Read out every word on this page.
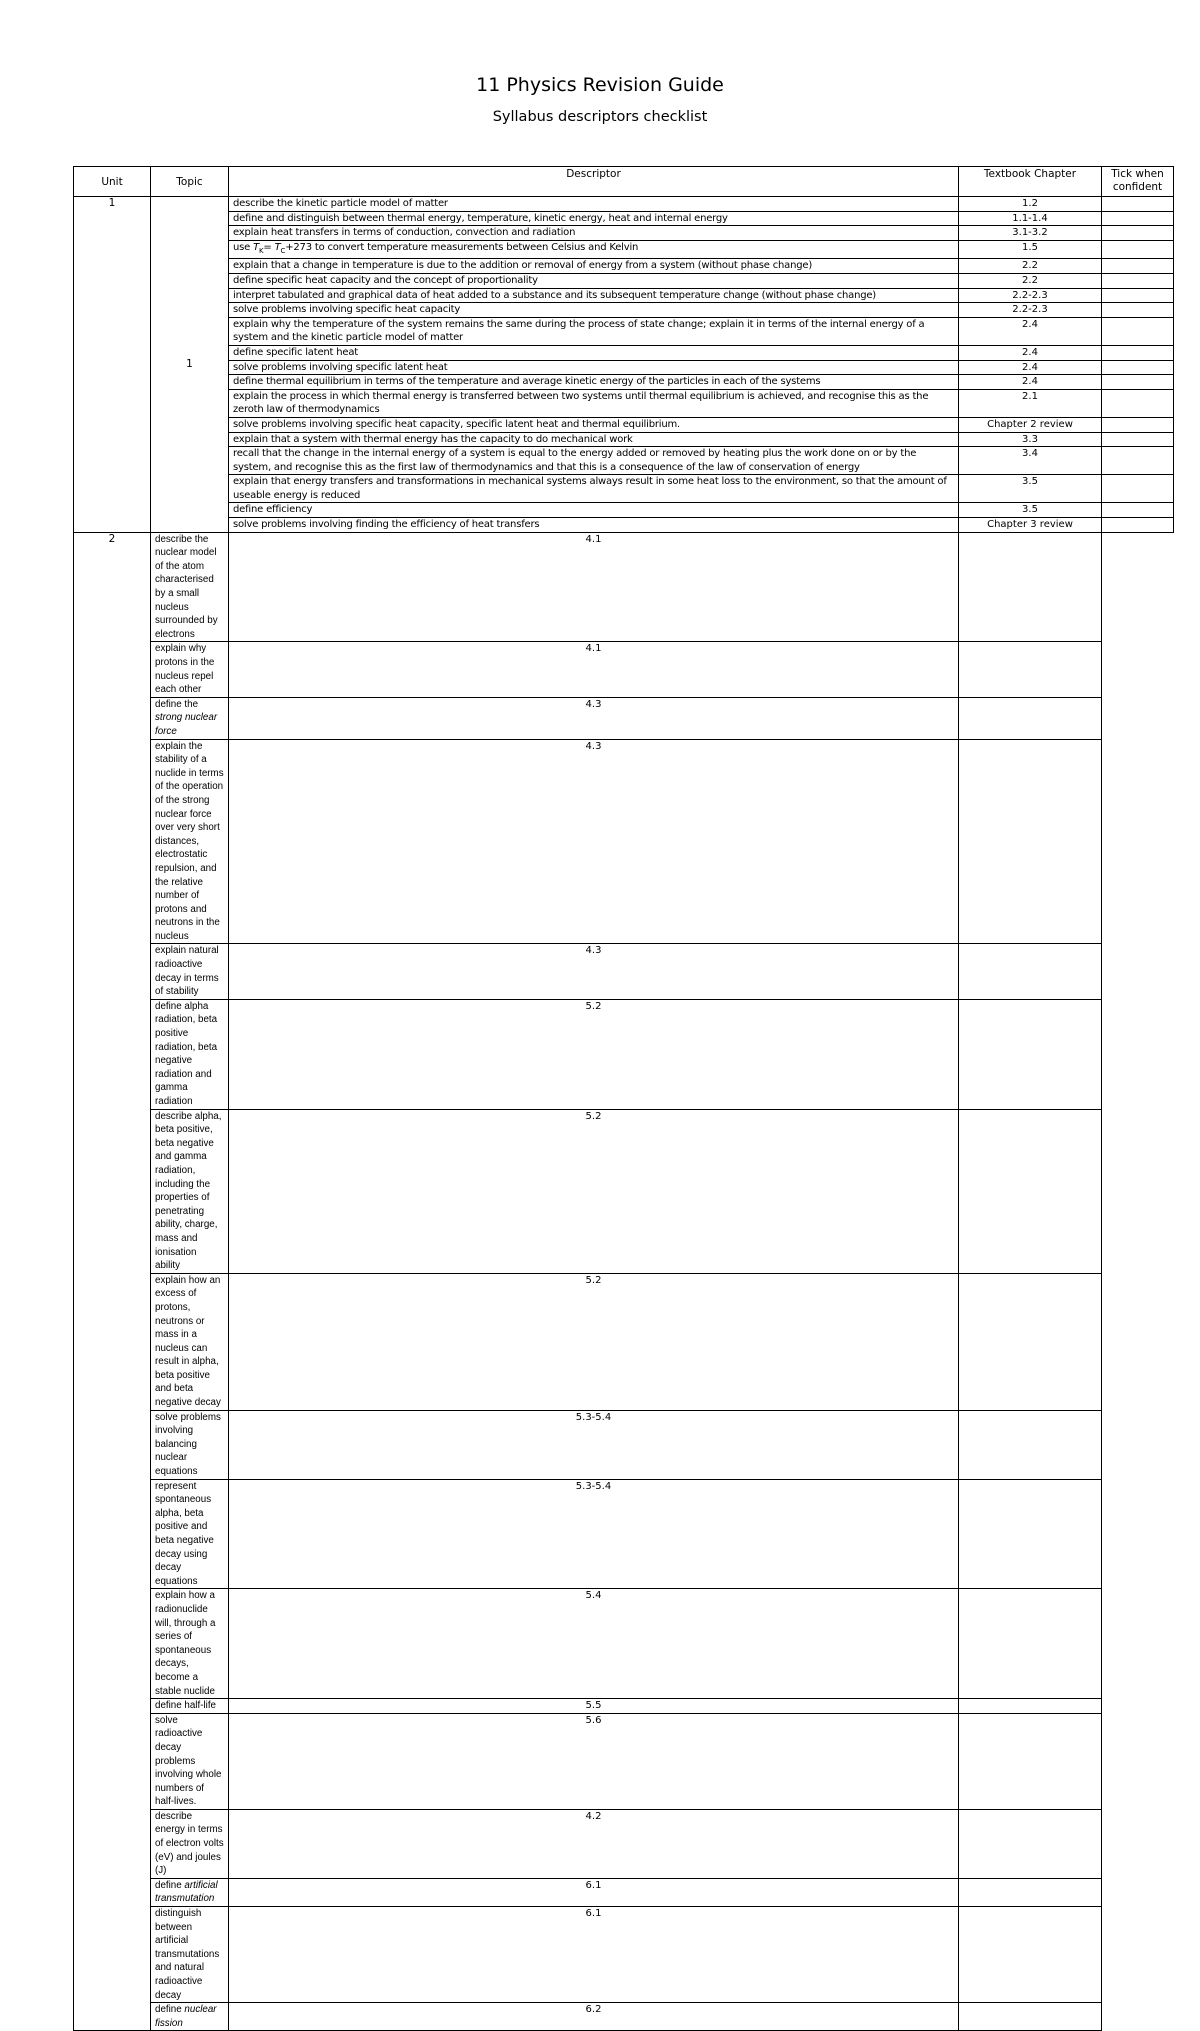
11 Physics Revision Guide
Syllabus descriptors checklist
Unit	Topic	Descriptor	Textbook Chapter	Tick when confident
1	1	describe the kinetic particle model of matter	1.2	
		define and distinguish between thermal energy, temperature, kinetic energy, heat and internal energy	1.1-1.4	
		explain heat transfers in terms of conduction, convection and radiation	3.1-3.2	
		use $T_K= T_C+273$ to convert temperature measurements between Celsius and Kelvin	1.5	
		explain that a change in temperature is due to the addition or removal of energy from a system (without phase change)	2.2	
		define specific heat capacity and the concept of proportionality	2.2	
		interpret tabulated and graphical data of heat added to a substance and its subsequent temperature change (without phase change)	2.2-2.3	
		solve problems involving specific heat capacity	2.2-2.3	
		explain why the temperature of the system remains the same during the process of state change; explain it in terms of the internal energy of a system and the kinetic particle model of matter	2.4	
		define specific latent heat	2.4	
		solve problems involving specific latent heat	2.4	
		define thermal equilibrium in terms of the temperature and average kinetic energy of the particles in each of the systems	2.4	
		explain the process in which thermal energy is transferred between two systems until thermal equilibrium is achieved, and recognise this as the zeroth law of thermodynamics	2.1	
		solve problems involving specific heat capacity, specific latent heat and thermal equilibrium.	Chapter 2 review	
		explain that a system with thermal energy has the capacity to do mechanical work	3.3	
		recall that the change in the internal energy of a system is equal to the energy added or removed by heating plus the work done on or by the system, and recognise this as the first law of thermodynamics and that this is a consequence of the law of conservation of energy	3.4	
		explain that energy transfers and transformations in mechanical systems always result in some heat loss to the environment, so that the amount of useable energy is reduced	3.5	
		define efficiency	3.5	
		solve problems involving finding the efficiency of heat transfers	Chapter 3 review	
2	describe the nuclear model of the atom characterised by a small nucleus surrounded by electrons	4.1		
	explain why protons in the nucleus repel each other	4.1		
	define the strong nuclear force	4.3		
	explain the stability of a nuclide in terms of the operation of the strong nuclear force over very short distances, electrostatic repulsion, and the relative number of protons and neutrons in the nucleus	4.3		
	explain natural radioactive decay in terms of stability	4.3		
	define alpha radiation, beta positive radiation, beta negative radiation and gamma radiation	5.2		
	describe alpha, beta positive, beta negative and gamma radiation, including the properties of penetrating ability, charge, mass and ionisation ability	5.2		
	explain how an excess of protons, neutrons or mass in a nucleus can result in alpha, beta positive and beta negative decay	5.2		
	solve problems involving balancing nuclear equations	5.3-5.4		
	represent spontaneous alpha, beta positive and beta negative decay using decay equations	5.3-5.4		
	explain how a radionuclide will, through a series of spontaneous decays, become a stable nuclide	5.4		
	define half-life	5.5		
	solve radioactive decay problems involving whole numbers of half-lives.	5.6		
	describe energy in terms of electron volts (eV) and joules (J)	4.2		
	define artificial transmutation	6.1		
	distinguish between artificial transmutations and natural radioactive decay	6.1		
	define nuclear fission	6.2		
